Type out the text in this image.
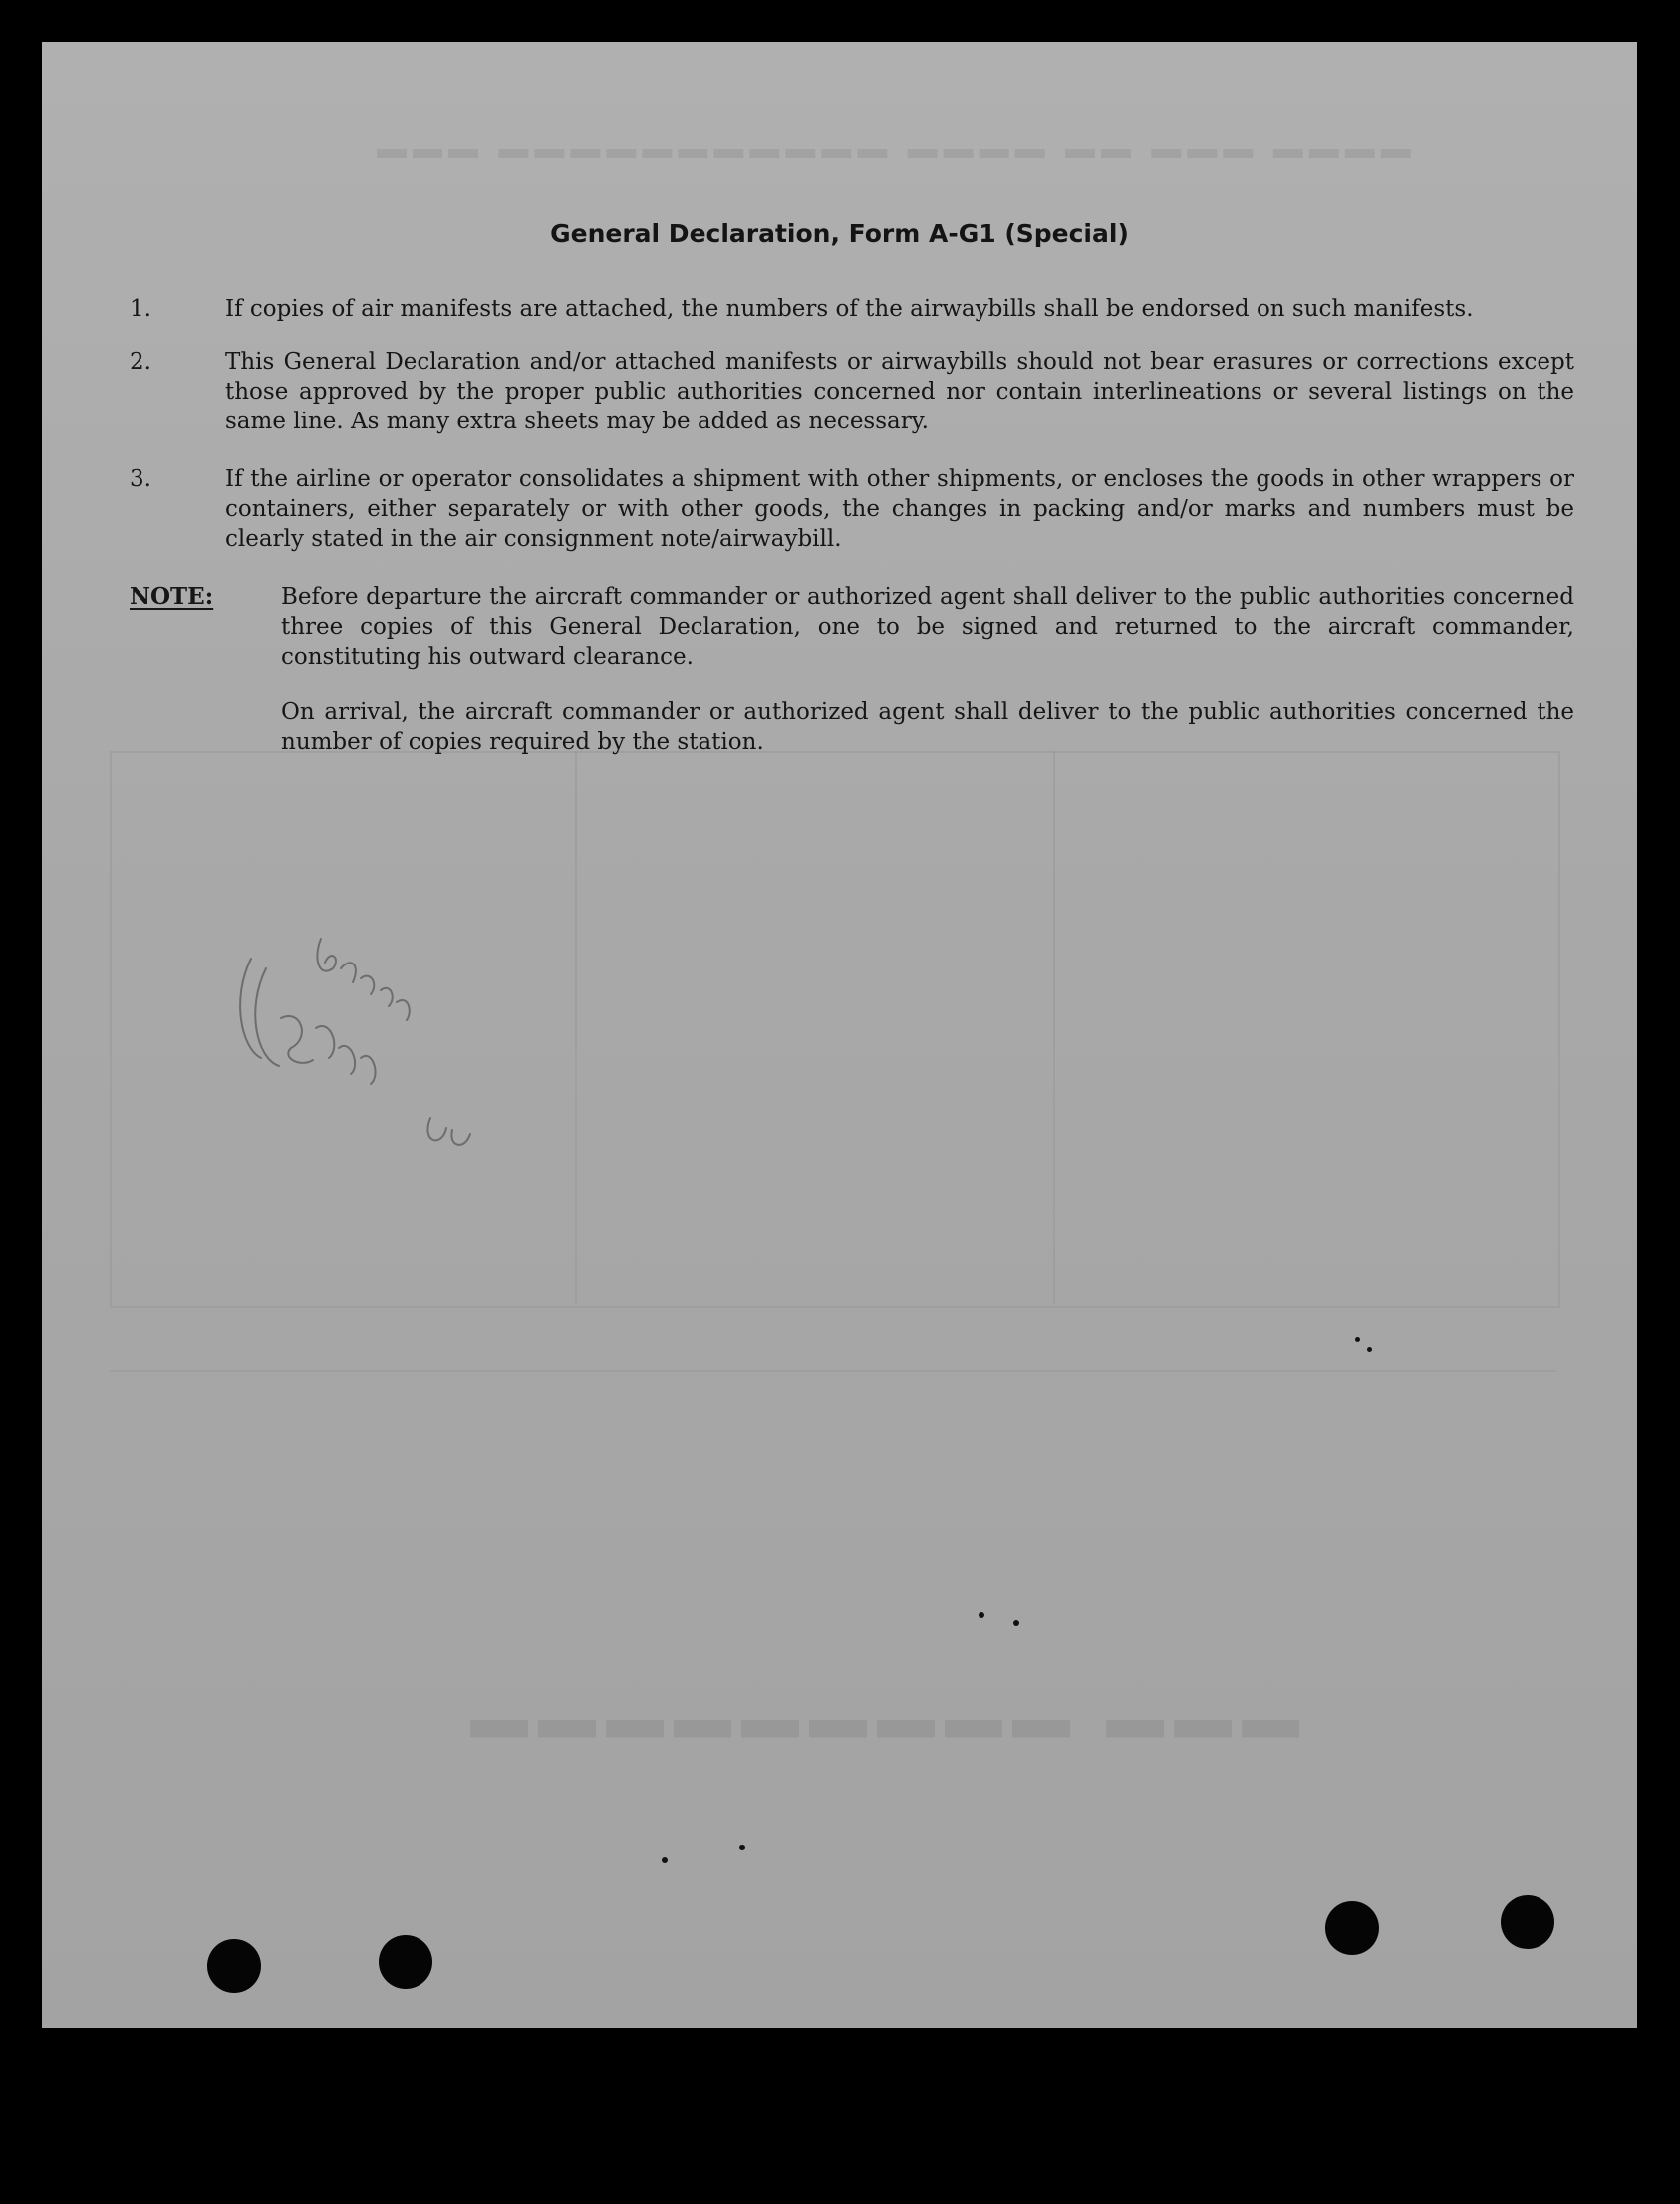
▬▬▬ ▬▬▬▬▬▬▬▬▬
▬▬▬▬ ▬▬▬ ▬▬ ▬▬▬▬ ▬▬▬▬▬▬▬▬▬▬▬ ▬▬▬
General Declaration, Form A-G1 (Special)
1.	If copies of air manifests are attached, the numbers of the airwaybills shall be endorsed on such manifests.
2.	This General Declaration and/or attached manifests or airwaybills should not bear erasures or corrections except those approved by the proper public authorities concerned nor contain interlineations or several listings on the same line. As many extra sheets may be added as necessary.
3.	If the airline or operator consolidates a shipment with other shipments, or encloses the goods in other wrappers or containers, either separately or with other goods, the changes in packing and/or marks and numbers must be clearly stated in the air consignment note/airwaybill.
NOTE:	Before departure the aircraft commander or authorized agent shall deliver to the public authorities concerned three copies of this General Declaration, one to be signed and returned to the aircraft commander, constituting his outward clearance.
On arrival, the aircraft commander or authorized agent shall deliver to the public authorities concerned the number of copies required by the station.
